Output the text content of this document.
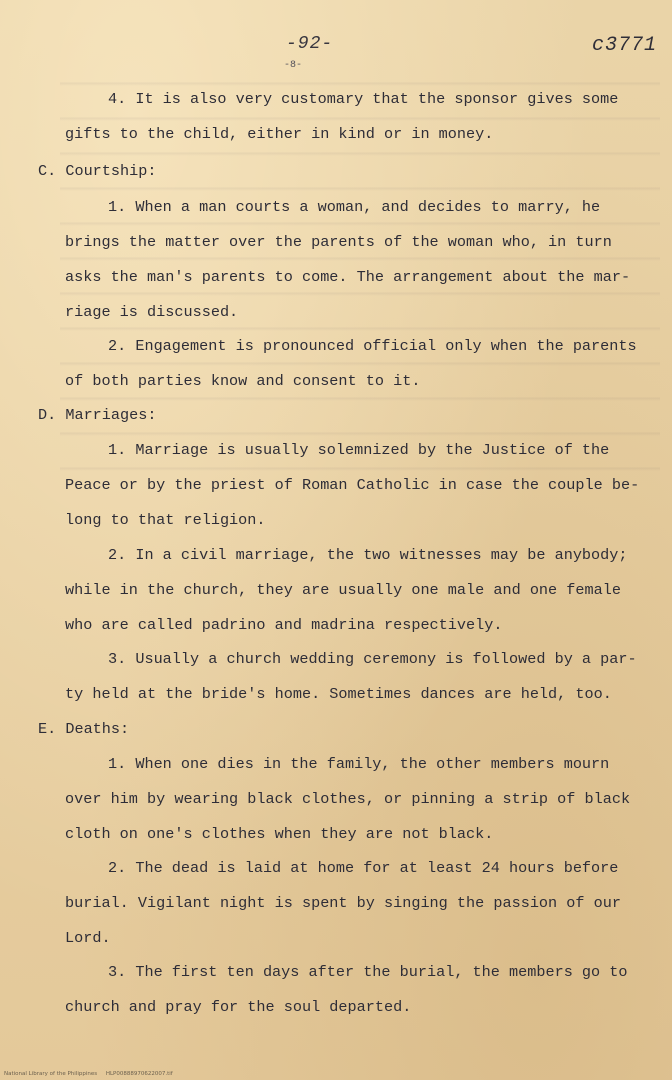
-92-
-8-
c3771
4. It is also very customary that the sponsor gives some
gifts to the child, either in kind or in money.
C. Courtship:
1. When a man courts a woman, and decides to marry, he
brings the matter over the parents of the woman who, in turn
asks the man's parents to come. The arrangement about the mar-
riage is discussed.
2. Engagement is pronounced official only when the parents
of both parties know and consent to it.
D. Marriages:
1. Marriage is usually solemnized by the Justice of the
Peace or by the priest of Roman Catholic in case the couple be-
long to that religion.
2. In a civil marriage, the two witnesses may be anybody;
while in the church, they are usually one male and one female
who are called padrino and madrina respectively.
3. Usually a church wedding ceremony is followed by a par-
ty held at the bride's home. Sometimes dances are held, too.
E. Deaths:
1. When one dies in the family, the other members mourn
over him by wearing black clothes, or pinning a strip of black
cloth on one's clothes when they are not black.
2. The dead is laid at home for at least 24 hours before
burial. Vigilant night is spent by singing the passion of our
Lord.
3. The first ten days after the burial, the members go to
church and pray for the soul departed.
National Library of the Philippines     HLP00888970622007.tif
